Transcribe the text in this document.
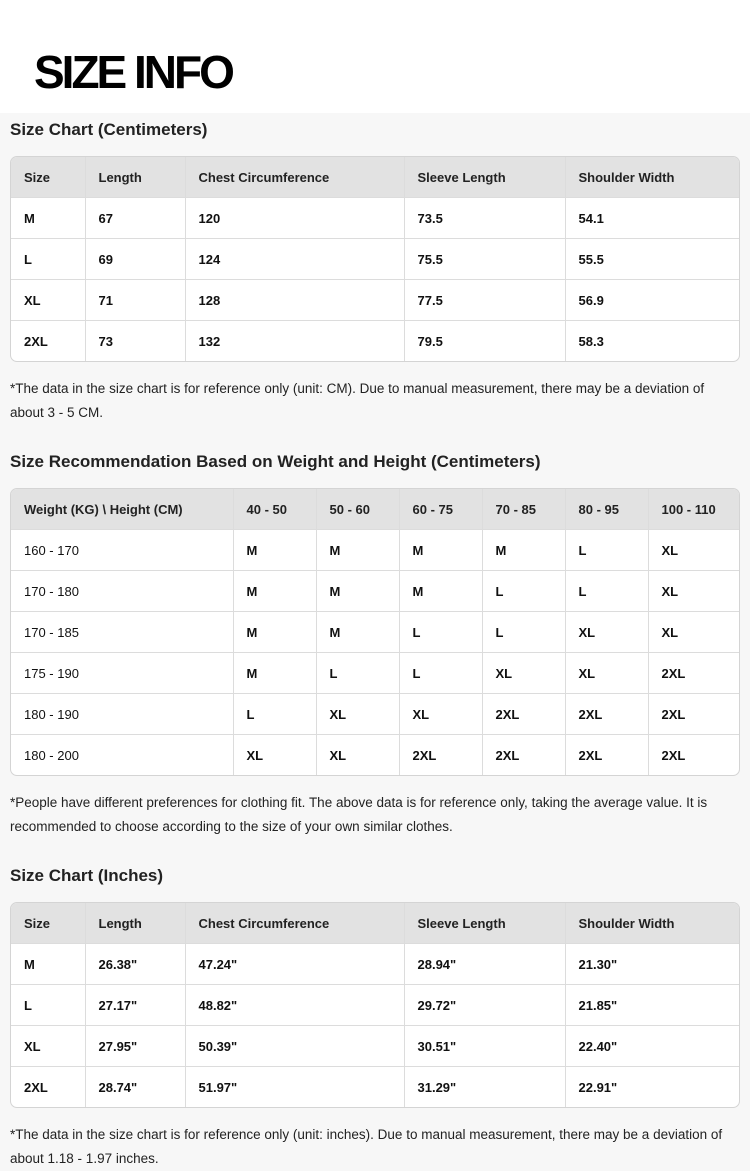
SIZE INFO
Size Chart (Centimeters)
Size	Length	Chest Circumference	Sleeve Length	Shoulder Width
M	67	120	73.5	54.1
L	69	124	75.5	55.5
XL	71	128	77.5	56.9
2XL	73	132	79.5	58.3

*The data in the size chart is for reference only (unit: CM). Due to manual measurement, there may be a deviation of about 3 - 5 CM.

Size Recommendation Based on Weight and Height (Centimeters)
Weight (KG) \ Height (CM)	40 - 50	50 - 60	60 - 75	70 - 85	80 - 95	100 - 110
160 - 170	M	M	M	M	L	XL
170 - 180	M	M	M	L	L	XL
170 - 185	M	M	L	L	XL	XL
175 - 190	M	L	L	XL	XL	2XL
180 - 190	L	XL	XL	2XL	2XL	2XL
180 - 200	XL	XL	2XL	2XL	2XL	2XL

*People have different preferences for clothing fit. The above data is for reference only, taking the average value. It is recommended to choose according to the size of your own similar clothes.

Size Chart (Inches)
Size	Length	Chest Circumference	Sleeve Length	Shoulder Width
M	26.38"	47.24"	28.94"	21.30"
L	27.17"	48.82"	29.72"	21.85"
XL	27.95"	50.39"	30.51"	22.40"
2XL	28.74"	51.97"	31.29"	22.91"

*The data in the size chart is for reference only (unit: inches). Due to manual measurement, there may be a deviation of about 1.18 - 1.97 inches.
